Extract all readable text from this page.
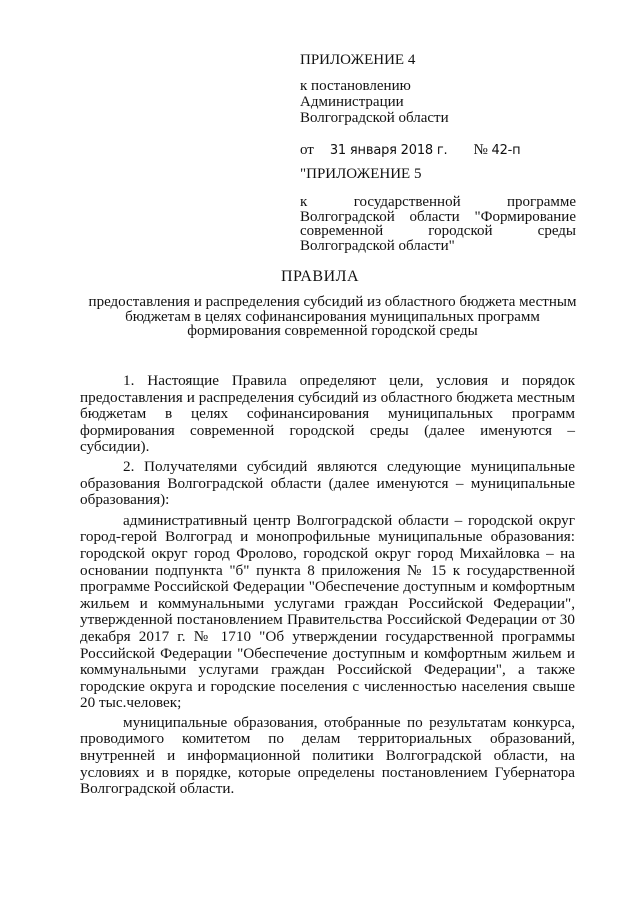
ПРИЛОЖЕНИЕ 4
к постановлению
Администрации
Волгоградской области
от 31 января 2018 г. № 42-п
"ПРИЛОЖЕНИЕ 5
к государственной программе Волгоградской области "Формирование современной городской среды Волгоградской области"
ПРАВИЛА
предоставления и распределения субсидий из областного бюджета местным бюджетам в целях софинансирования муниципальных программ формирования современной городской среды

1. Настоящие Правила определяют цели, условия и порядок предоставления и распределения субсидий из областного бюджета местным бюджетам в целях софинансирования муниципальных программ формирования современной городской среды (далее именуются – субсидии).

2. Получателями субсидий являются следующие муниципальные образования Волгоградской области (далее именуются – муниципальные образования):

административный центр Волгоградской области – городской округ город-герой Волгоград и монопрофильные муниципальные образования: городской округ город Фролово, городской округ город Михайловка – на основании подпункта "б" пункта 8 приложения № 15 к государственной программе Российской Федерации "Обеспечение доступным и комфортным жильем и коммунальными услугами граждан Российской Федерации", утвержденной постановлением Правительства Российской Федерации от 30 декабря 2017 г. № 1710 "Об утверждении государственной программы Российской Федерации "Обеспечение доступным и комфортным жильем и коммунальными услугами граждан Российской Федерации", а также городские округа и городские поселения с численностью населения свыше 20 тыс.человек;

муниципальные образования, отобранные по результатам конкурса, проводимого комитетом по делам территориальных образований, внутренней и информационной политики Волгоградской области, на условиях и в порядке, которые определены постановлением Губернатора Волгоградской области.
